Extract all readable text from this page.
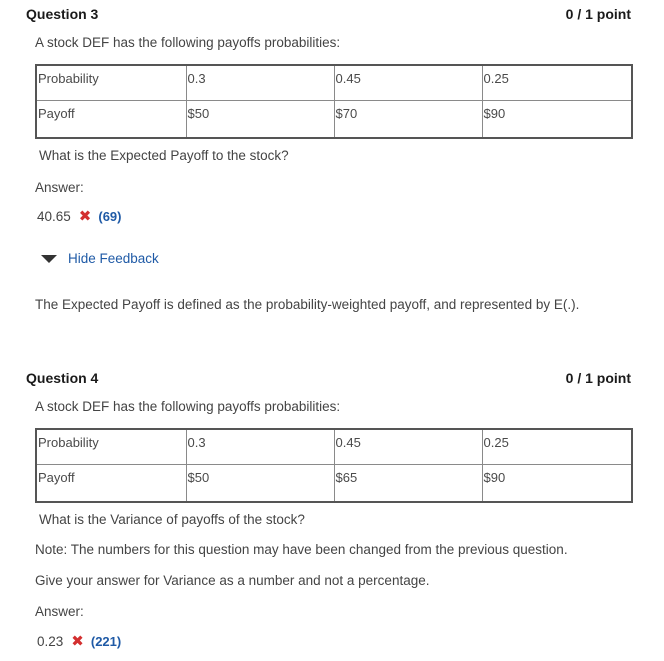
Question 3	0 / 1 point
A stock DEF has the following payoffs probabilities:
Probability	0.3	0.45	0.25
Payoff	$50	$70	$90
What is the Expected Payoff to the stock?
Answer:
40.65 ✖ (69)
Hide Feedback
The Expected Payoff is defined as the probability-weighted payoff, and represented by E(.).
Question 4	0 / 1 point
A stock DEF has the following payoffs probabilities:
Probability	0.3	0.45	0.25
Payoff	$50	$65	$90
What is the Variance of payoffs of the stock?
Note: The numbers for this question may have been changed from the previous question.
Give your answer for Variance as a number and not a percentage.
Answer:
0.23 ✖ (221)
